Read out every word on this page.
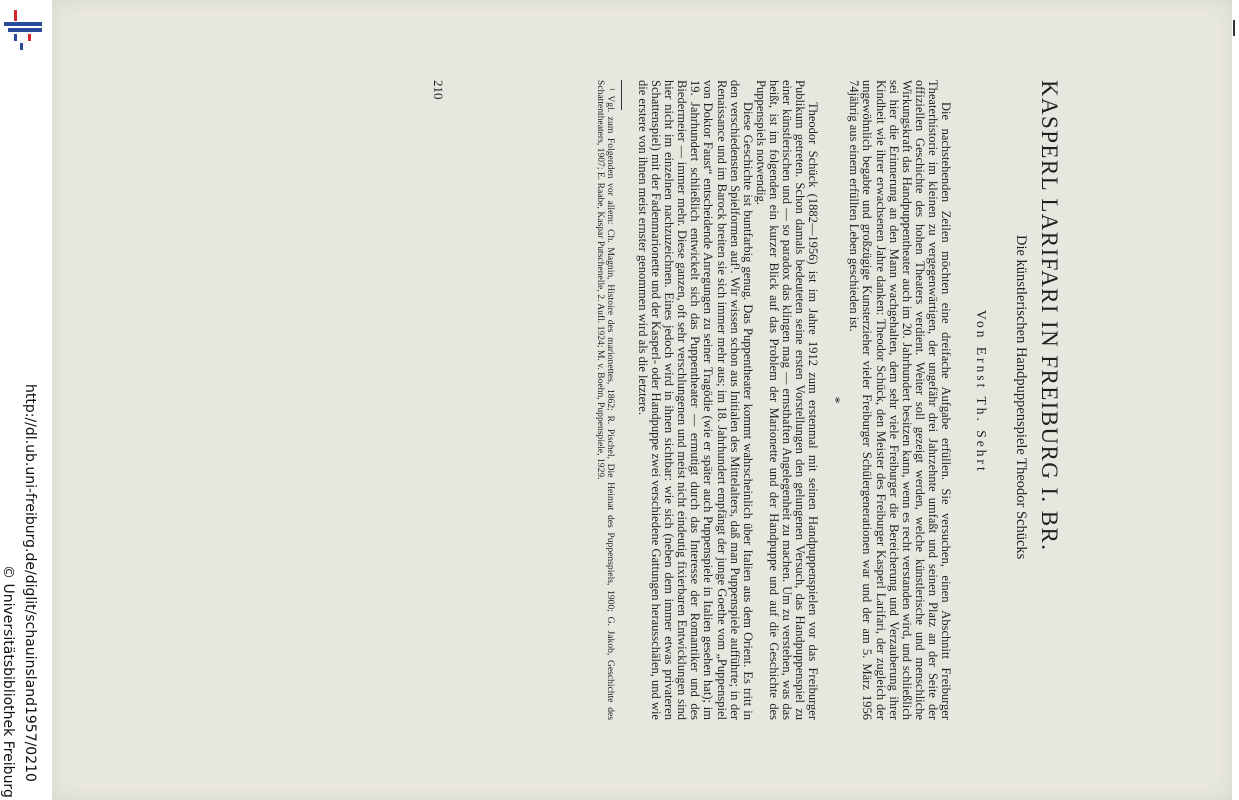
http://dl.ub.uni-freiburg.de/diglit/schauinsland1957/0210
© Universitätsbibliothek Freiburg
KASPERL LARIFARI IN FREIBURG I. BR.
Die künstlerischen Handpuppenspiele Theodor Schücks
Von Ernst Th. Sehrt

Die nachstehenden Zeilen möchten eine dreifache Aufgabe erfüllen. Sie versuchen, einen Abschnitt Freiburger Theaterhistorie im kleinen zu vergegenwärtigen, der ungefähr drei Jahrzehnte umfaßt und seinen Platz an der Seite der offiziellen Geschichte des hohen Theaters verdient. Weiter soll gezeigt werden, welche künstlerische und menschliche Wirkungskraft das Handpuppentheater auch im 20. Jahrhundert besitzen kann, wenn es recht verstanden wird, und schließlich sei hier die Erinnerung an den Mann wachgehalten, dem sehr viele Freiburger die Bereicherung und Verzauberung ihrer Kindheit wie ihrer erwachsenen Jahre danken: Theodor Schück, den Meister des Freiburger Kasperl Larifari, der zugleich der ungewöhnlich begabte und großzügige Kunsterzieher vieler Freiburger Schülergenerationen war und der am 5. März 1956 74jährig aus einem erfüllten Leben geschieden ist.

*

Theodor Schück (1882—1956) ist im Jahre 1912 zum erstenmal mit seinen Handpuppenspielen vor das Freiburger Publikum getreten. Schon damals bedeuteten seine ersten Vorstellungen den gelungenen Versuch, das Handpuppenspiel zu einer künstlerischen und — so paradox das klingen mag — ernsthaften Angelegenheit zu machen. Um zu verstehen, was das heißt, ist im folgenden ein kurzer Blick auf das Problem der Marionette und der Handpuppe und auf die Geschichte des Puppenspiels notwendig.

Diese Geschichte ist buntfarbig genug. Das Puppentheater kommt wahrscheinlich über Italien aus dem Orient. Es tritt in den verschiedensten Spielformen auf¹. Wir wissen schon aus Initialen des Mittelalters, daß man Puppenspiele aufführte; in der Renaissance und im Barock breiten sie sich immer mehr aus; im 18. Jahrhundert empfängt der junge Goethe vom „Puppenspiel von Doktor Faust“ entscheidende Anregungen zu seiner Tragödie (wie er später auch Puppenspiele in Italien gesehen hat); im 19. Jahrhundert schließlich entwickelt sich das Puppentheater — ermutigt durch das Interesse der Romantiker und des Biedermeier — immer mehr. Diese ganzen, oft sehr verschlungenen und meist nicht eindeutig fixierbaren Entwicklungen sind hier nicht im einzelnen nachzuzeichnen. Eines jedoch wird in ihnen sichtbar: wie sich (neben dem immer etwas privateren Schattenspiel) mit der Fadenmarionette und der Kasperl- oder Handpuppe zwei verschiedene Gattungen herausschälen, und wie die erstere von ihnen meist ernster genommen wird als die letztere.

¹ Vgl. zum Folgenden vor allem: Ch. Magnin, Histoire des marionettes, 1862; R. Pischel, Die Heimat des Puppenspiels, 1900; G. Jakob, Geschichte des Schattentheaters, 1907; E. Raabe, Kaspar Putschenelle, 2. Aufl. 1924; M. v. Boehn, Puppenspiele, 1929.

210
